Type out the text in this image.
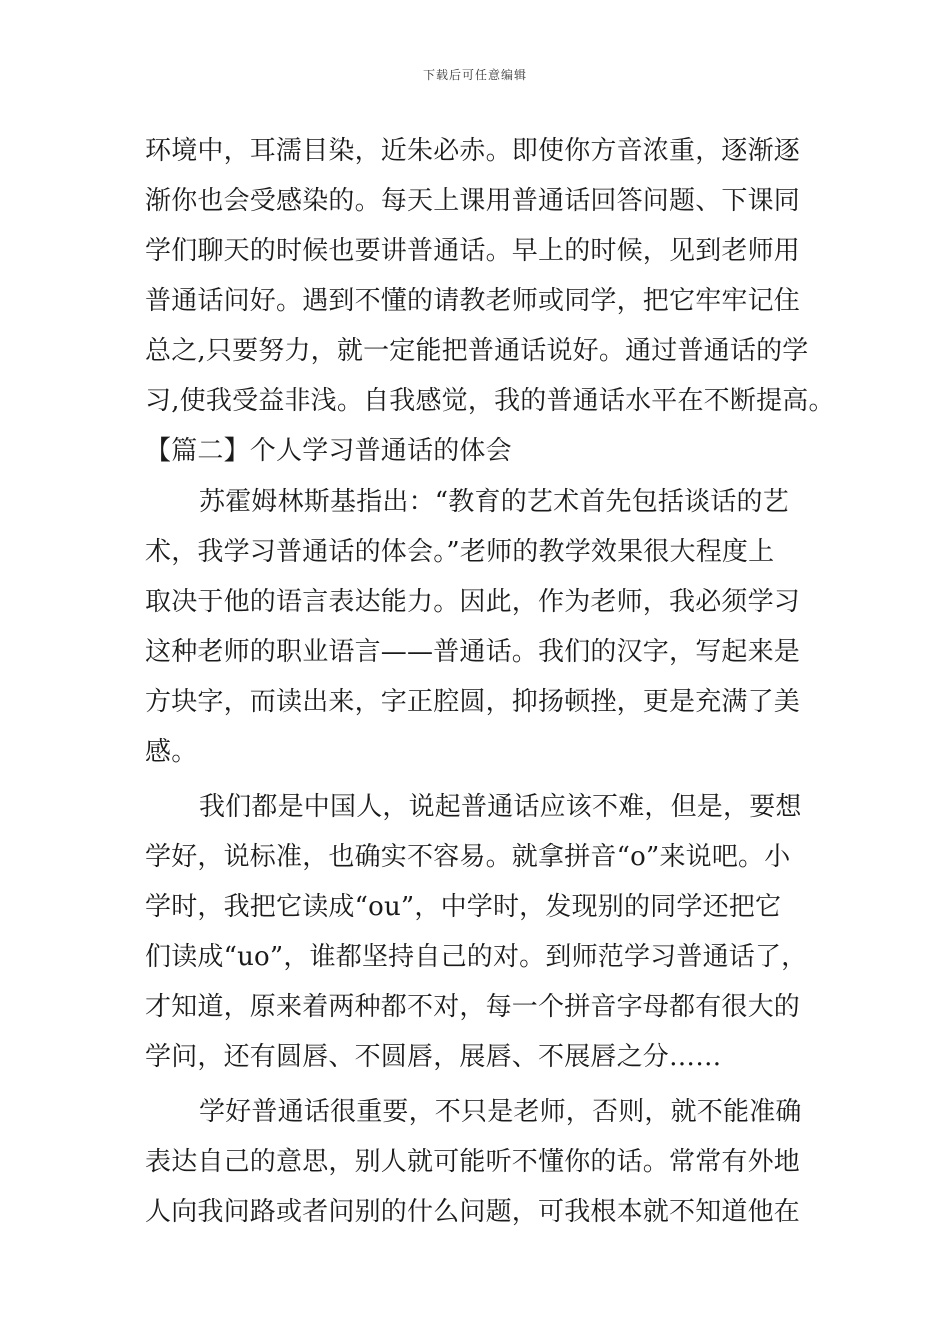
下载后可任意编辑
环境中，耳濡目染，近朱必赤。即使你方音浓重，逐渐逐
渐你也会受感染的。每天上课用普通话回答问题、下课同
学们聊天的时候也要讲普通话。早上的时候，见到老师用
普通话问好。遇到不懂的请教老师或同学，把它牢牢记住
总之,只要努力，就一定能把普通话说好。通过普通话的学
习,使我受益非浅。自我感觉，我的普通话水平在不断提高。
【篇二】个人学习普通话的体会
苏霍姆林斯基指出：“教育的艺术首先包括谈话的艺
术，我学习普通话的体会。”老师的教学效果很大程度上
取决于他的语言表达能力。因此，作为老师，我必须学习
这种老师的职业语言——普通话。我们的汉字，写起来是
方块字，而读出来，字正腔圆，抑扬顿挫，更是充满了美
感。
我们都是中国人，说起普通话应该不难，但是，要想
学好，说标准，也确实不容易。就拿拼音“o”来说吧。小
学时，我把它读成“ou”，中学时，发现别的同学还把它
们读成“uo”，谁都坚持自己的对。到师范学习普通话了，
才知道，原来着两种都不对，每一个拼音字母都有很大的
学问，还有圆唇、不圆唇，展唇、不展唇之分……
学好普通话很重要，不只是老师，否则，就不能准确
表达自己的意思，别人就可能听不懂你的话。常常有外地
人向我问路或者问别的什么问题，可我根本就不知道他在
